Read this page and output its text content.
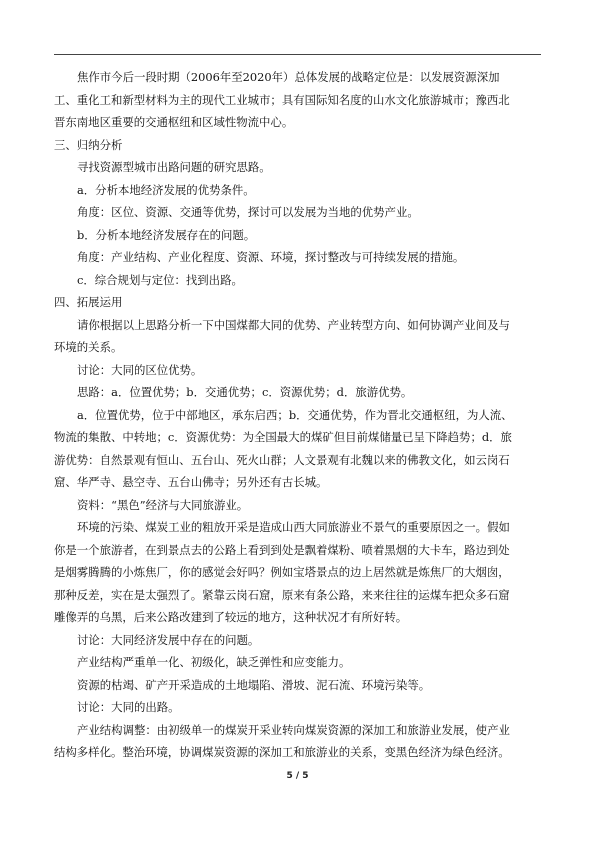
焦作市今后一段时期（2006年至2020年）总体发展的战略定位是：以发展资源深加

工、重化工和新型材料为主的现代工业城市；具有国际知名度的山水文化旅游城市；豫西北

晋东南地区重要的交通枢纽和区域性物流中心。

三、归纳分析

寻找资源型城市出路问题的研究思路。

a．分析本地经济发展的优势条件。

角度：区位、资源、交通等优势，探讨可以发展为当地的优势产业。

b．分析本地经济发展存在的问题。

角度：产业结构、产业化程度、资源、环境，探讨整改与可持续发展的措施。

c．综合规划与定位：找到出路。

四、拓展运用

请你根据以上思路分析一下中国煤都大同的优势、产业转型方向、如何协调产业间及与

环境的关系。

讨论：大同的区位优势。

思路：a．位置优势；b．交通优势；c．资源优势；d．旅游优势。

a．位置优势，位于中部地区，承东启西；b．交通优势，作为晋北交通枢纽，为人流、

物流的集散、中转地；c．资源优势：为全国最大的煤矿但目前煤储量已呈下降趋势；d．旅

游优势：自然景观有恒山、五台山、死火山群；人文景观有北魏以来的佛教文化，如云岗石

窟、华严寺、悬空寺、五台山佛寺；另外还有古长城。

资料：“黑色”经济与大同旅游业。

环境的污染、煤炭工业的粗放开采是造成山西大同旅游业不景气的重要原因之一。假如

你是一个旅游者，在到景点去的公路上看到到处是飘着煤粉、喷着黑烟的大卡车，路边到处

是烟雾腾腾的小炼焦厂，你的感觉会好吗？例如宝塔景点的边上居然就是炼焦厂的大烟囱，

那种反差，实在是太强烈了。紧靠云岗石窟，原来有条公路，来来往往的运煤车把众多石窟

雕像弄的乌黑，后来公路改建到了较远的地方，这种状况才有所好转。

讨论：大同经济发展中存在的问题。

产业结构严重单一化、初级化，缺乏弹性和应变能力。

资源的枯竭、矿产开采造成的土地塌陷、滑坡、泥石流、环境污染等。

讨论：大同的出路。

产业结构调整：由初级单一的煤炭开采业转向煤炭资源的深加工和旅游业发展，使产业

结构多样化。整治环境，协调煤炭资源的深加工和旅游业的关系，变黑色经济为绿色经济。

5 / 5
